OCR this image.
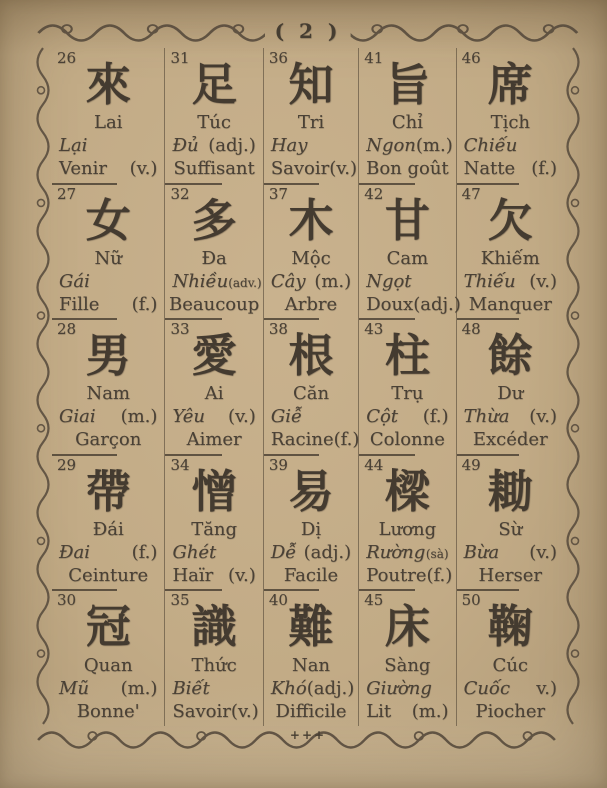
( 2 )
26 來
Lai
Lại
Venir (v.)
31 足
Túc
Đủ (adj.)
Suffisant
36 知
Tri
Hay
Savoir (v.)
41 旨
Chỉ
Ngon (m.)
Bon goût
46 席
Tịch
Chiếu
Natte (f.)
27 女
Nữ
Gái
Fille (f.)
32 多
Đa
Nhiều (adv.)
Beaucoup
37 木
Mộc
Cây (m.)
Arbre
42 甘
Cam
Ngọt
Doux (adj.)
47 欠
Khiếm
Thiếu (v.)
Manquer
28 男
Nam
Giai (m.)
Garçon
33 愛
Ai
Yêu (v.)
Aimer
38 根
Căn
Giễ
Racine (f.)
43 柱
Trụ
Cột (f.)
Colonne
48 餘
Dư
Thừa (v.)
Excéder
29 帶
Đái
Đai (f.)
Ceinture
34 憎
Tăng
Ghét
Haïr (v.)
39 易
Dị
Dễ (adj.)
Facile
44 樑
Lương
Rường (sà)
Poutre (f.)
49 耡
Sừ
Bừa (v.)
Herser
30 冠
Quan
Mũ (m.)
Bonne'
35 識
Thức
Biết
Savoir (v.)
40 難
Nan
Khó (adj.)
Difficile
45 床
Sàng
Giường
Lit (m.)
50 鞠
Cúc
Cuốc v.)
Piocher
+++
